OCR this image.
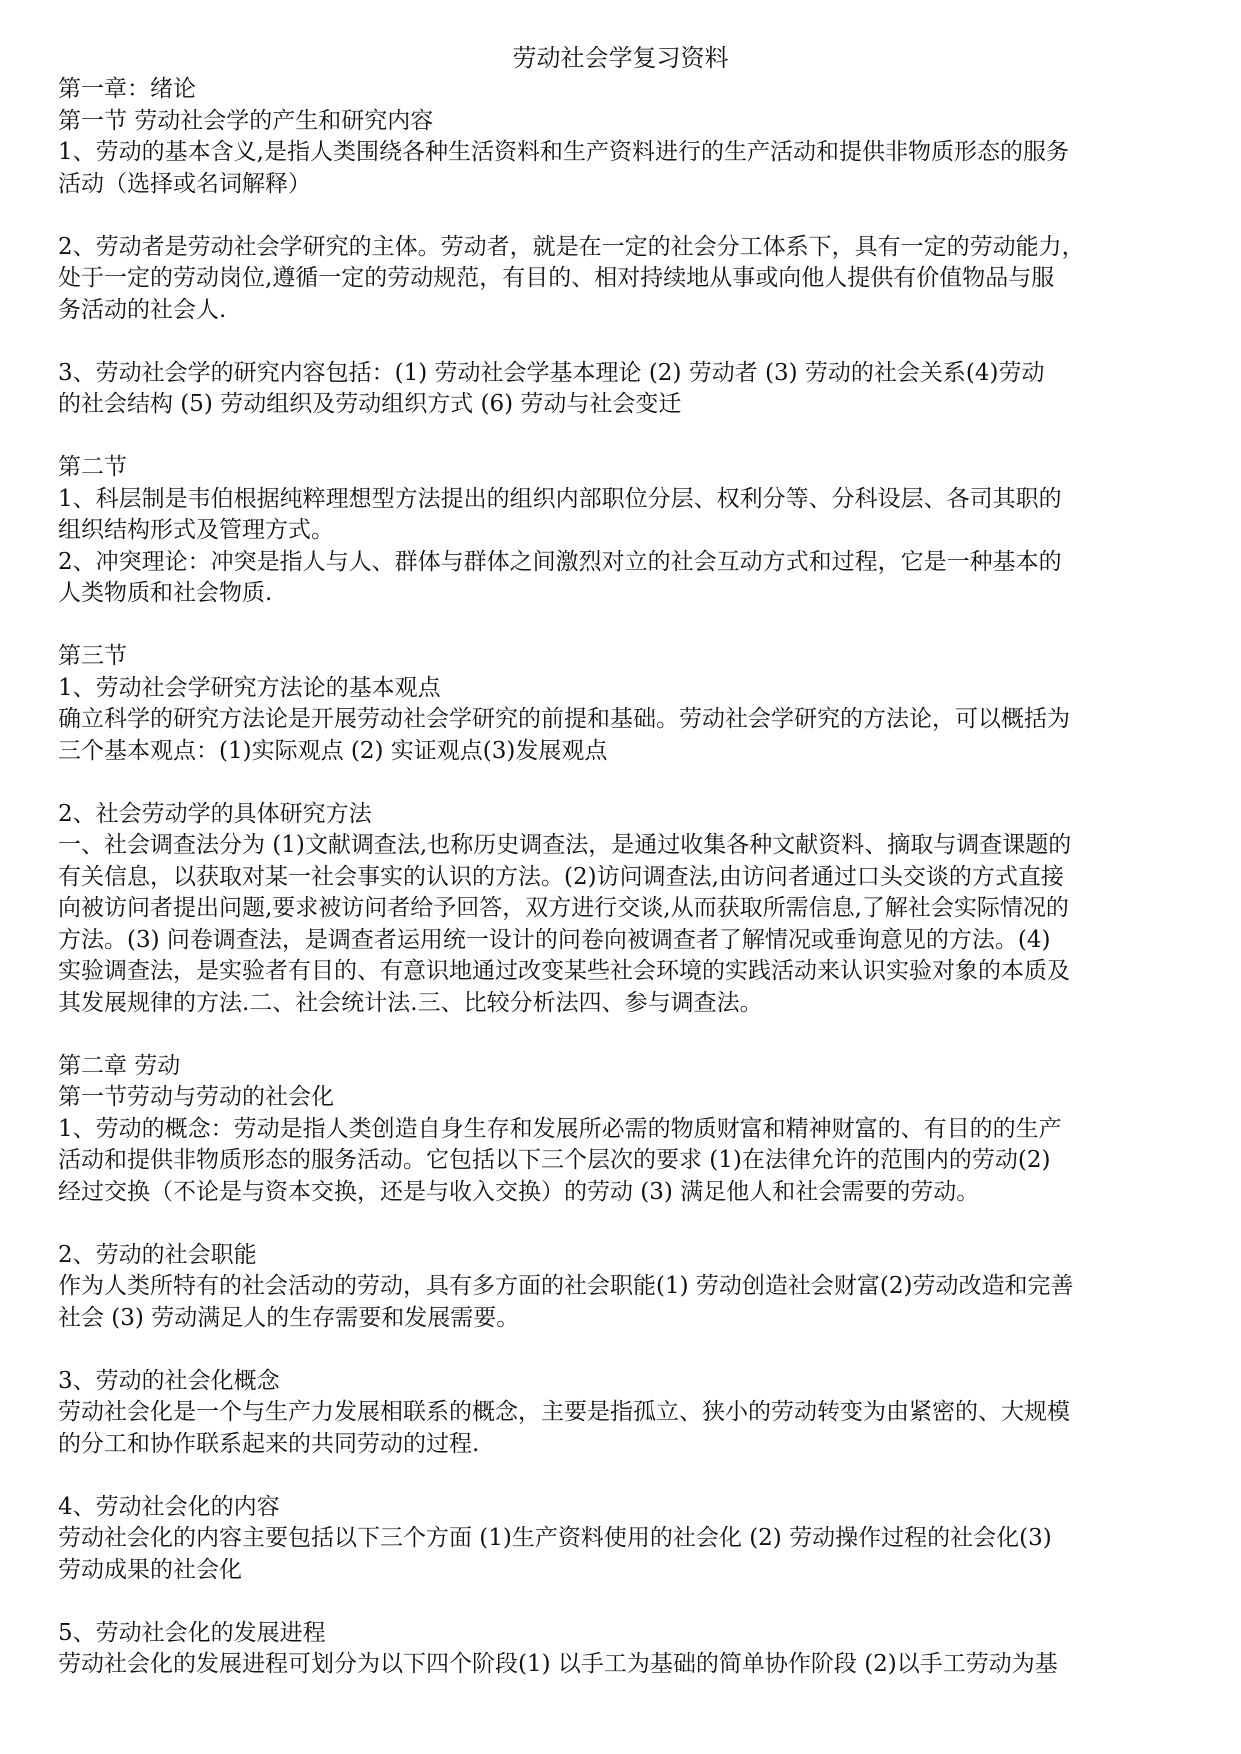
劳动社会学复习资料
第一章：绪论
第一节 劳动社会学的产生和研究内容
1、劳动的基本含义,是指人类围绕各种生活资料和生产资料进行的生产活动和提供非物质形态的服务
活动（选择或名词解释）
2、劳动者是劳动社会学研究的主体。劳动者，就是在一定的社会分工体系下，具有一定的劳动能力，
处于一定的劳动岗位,遵循一定的劳动规范，有目的、相对持续地从事或向他人提供有价值物品与服
务活动的社会人.
3、劳动社会学的研究内容包括：(1) 劳动社会学基本理论 (2) 劳动者 (3) 劳动的社会关系(4)劳动
的社会结构 (5) 劳动组织及劳动组织方式 (6) 劳动与社会变迁
第二节
1、科层制是韦伯根据纯粹理想型方法提出的组织内部职位分层、权利分等、分科设层、各司其职的
组织结构形式及管理方式。
2、冲突理论：冲突是指人与人、群体与群体之间激烈对立的社会互动方式和过程，它是一种基本的
人类物质和社会物质.
第三节
1、劳动社会学研究方法论的基本观点
确立科学的研究方法论是开展劳动社会学研究的前提和基础。劳动社会学研究的方法论，可以概括为
三个基本观点：(1)实际观点 (2) 实证观点(3)发展观点
2、社会劳动学的具体研究方法
一、社会调查法分为 (1)文献调查法,也称历史调查法，是通过收集各种文献资料、摘取与调查课题的
有关信息，以获取对某一社会事实的认识的方法。(2)访问调查法,由访问者通过口头交谈的方式直接
向被访问者提出问题,要求被访问者给予回答，双方进行交谈,从而获取所需信息,了解社会实际情况的
方法。(3) 问卷调查法，是调查者运用统一设计的问卷向被调查者了解情况或垂询意见的方法。(4)
实验调查法，是实验者有目的、有意识地通过改变某些社会环境的实践活动来认识实验对象的本质及
其发展规律的方法.二、社会统计法.三、比较分析法四、参与调查法。
第二章 劳动
第一节劳动与劳动的社会化
1、劳动的概念：劳动是指人类创造自身生存和发展所必需的物质财富和精神财富的、有目的的生产
活动和提供非物质形态的服务活动。它包括以下三个层次的要求 (1)在法律允许的范围内的劳动(2)
经过交换（不论是与资本交换，还是与收入交换）的劳动 (3) 满足他人和社会需要的劳动。
2、劳动的社会职能
作为人类所特有的社会活动的劳动，具有多方面的社会职能(1) 劳动创造社会财富(2)劳动改造和完善
社会 (3) 劳动满足人的生存需要和发展需要。
3、劳动的社会化概念
劳动社会化是一个与生产力发展相联系的概念，主要是指孤立、狭小的劳动转变为由紧密的、大规模
的分工和协作联系起来的共同劳动的过程.
4、劳动社会化的内容
劳动社会化的内容主要包括以下三个方面 (1)生产资料使用的社会化 (2) 劳动操作过程的社会化(3)
劳动成果的社会化
5、劳动社会化的发展进程
劳动社会化的发展进程可划分为以下四个阶段(1) 以手工为基础的简单协作阶段 (2)以手工劳动为基
